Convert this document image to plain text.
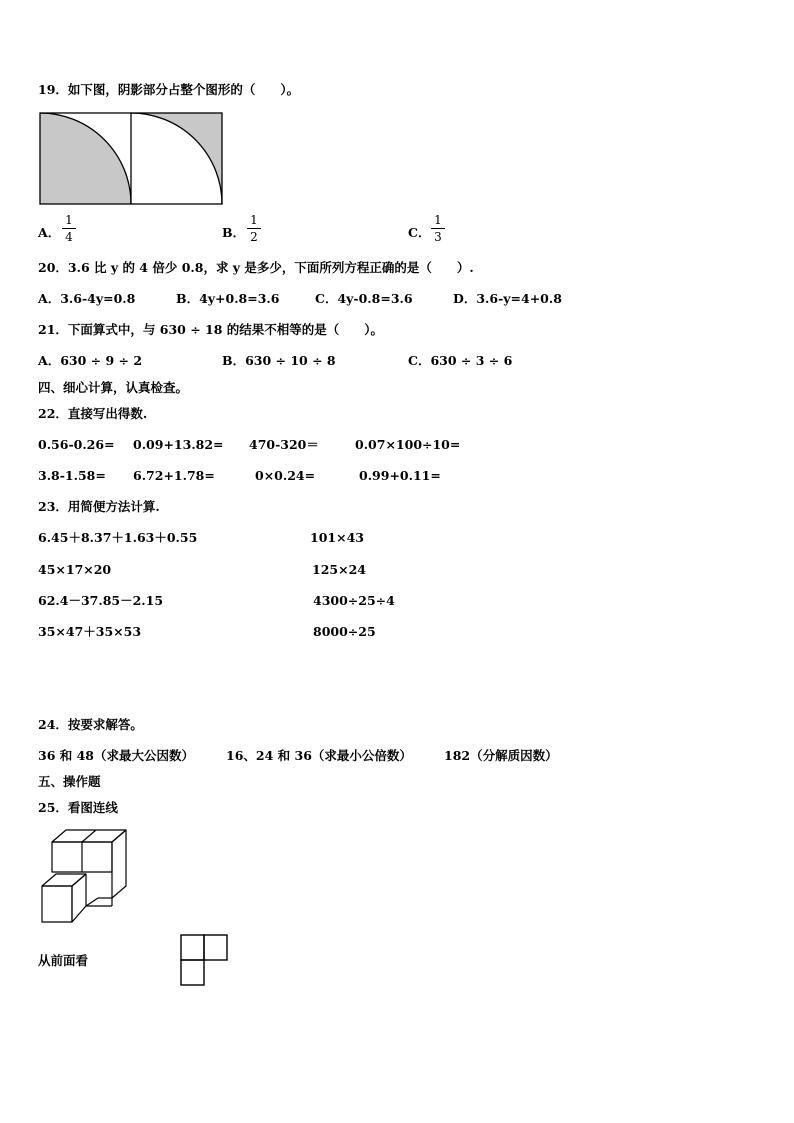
19．如下图，阴影部分占整个图形的（　　）。
A．
1
4	B．
1
2	C．
1
3
20．3.6 比 y 的 4 倍少 0.8，求 y 是多少，下面所列方程正确的是（　　）.
A．3.6-4y=0.8	B．4y+0.8=3.6	C．4y-0.8=3.6	D．3.6-y=4+0.8
21．下面算式中，与 630 ÷ 18 的结果不相等的是（　　）。
A．630 ÷ 9 ÷ 2	B．630 ÷ 10 ÷ 8	C．630 ÷ 3 ÷ 6
四、细心计算，认真检查。
22．直接写出得数.
0.56-0.26= 0.09+13.82= 470-320＝	0.07×100÷10=
3.8-1.58= 6.72+1.78=	0×0.24=	0.99+0.11=
23．用简便方法计算.
6.45＋8.37＋1.63＋0.55	101×43
45×17×20	125×24
62.4－37.85－2.15	4300÷25÷4
35×47＋35×53	8000÷25
24．按要求解答。
36 和 48（求最大公因数）	16、24 和 36（求最小公倍数）	182（分解质因数）
五、操作题
25．看图连线
从前面看
